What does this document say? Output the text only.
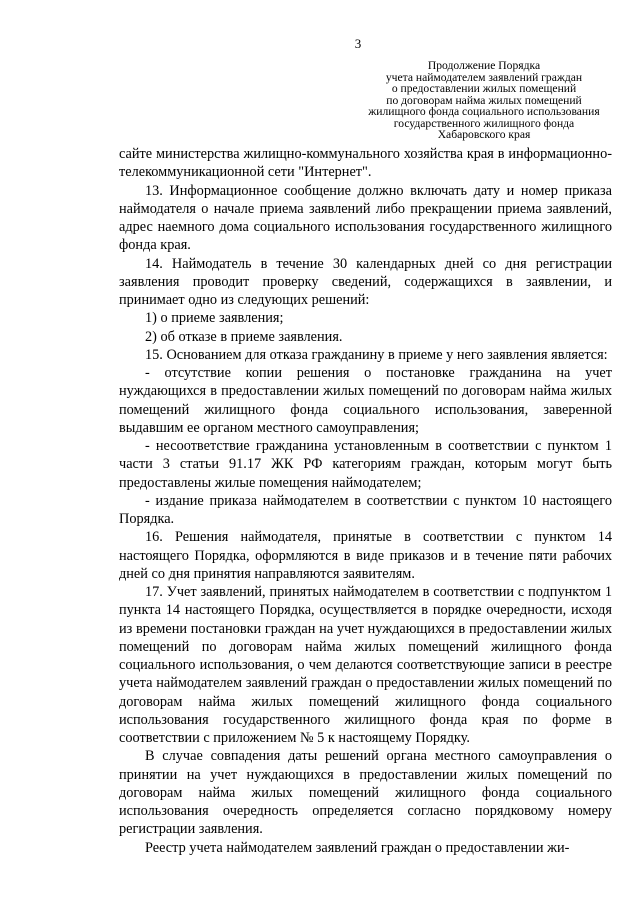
3
Продолжение Порядка
учета наймодателем заявлений граждан
о предоставлении жилых помещений
по договорам найма жилых помещений
жилищного фонда социального использования
государственного жилищного фонда
Хабаровского края

сайте министерства жилищно-коммунального хозяйства края в информационно-телекоммуникационной сети "Интернет".

13. Информационное сообщение должно включать дату и номер приказа наймодателя о начале приема заявлений либо прекращении приема заявлений, адрес наемного дома социального использования государственного жилищного фонда края.

14. Наймодатель в течение 30 календарных дней со дня регистрации заявления проводит проверку сведений, содержащихся в заявлении, и принимает одно из следующих решений:

1) о приеме заявления;

2) об отказе в приеме заявления.

15. Основанием для отказа гражданину в приеме у него заявления является:

- отсутствие копии решения о постановке гражданина на учет нуждающихся в предоставлении жилых помещений по договорам найма жилых помещений жилищного фонда социального использования, заверенной выдавшим ее органом местного самоуправления;

- несоответствие гражданина установленным в соответствии с пунктом 1 части 3 статьи 91.17 ЖК РФ категориям граждан, которым могут быть предоставлены жилые помещения наймодателем;

- издание приказа наймодателем в соответствии с пунктом 10 настоящего Порядка.

16. Решения наймодателя, принятые в соответствии с пунктом 14 настоящего Порядка, оформляются в виде приказов и в течение пяти рабочих дней со дня принятия направляются заявителям.

17. Учет заявлений, принятых наймодателем в соответствии с подпунктом 1 пункта 14 настоящего Порядка, осуществляется в порядке очередности, исходя из времени постановки граждан на учет нуждающихся в предоставлении жилых помещений по договорам найма жилых помещений жилищного фонда социального использования, о чем делаются соответствующие записи в реестре учета наймодателем заявлений граждан о предоставлении жилых помещений по договорам найма жилых помещений жилищного фонда социального использования государственного жилищного фонда края по форме в соответствии с приложением № 5 к настоящему Порядку.

В случае совпадения даты решений органа местного самоуправления о принятии на учет нуждающихся в предоставлении жилых помещений по договорам найма жилых помещений жилищного фонда социального использования очередность определяется согласно порядковому номеру регистрации заявления.

Реестр учета наймодателем заявлений граждан о предоставлении жи-
